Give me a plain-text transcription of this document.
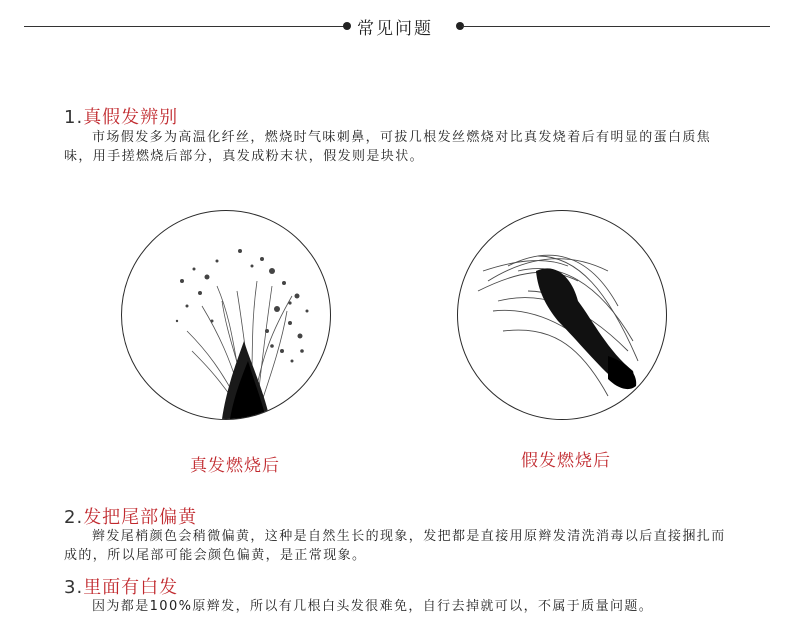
常见问题
1.真假发辨别
市场假发多为高温化纤丝，燃烧时气味刺鼻，可拔几根发丝燃烧对比真发烧着后有明显的蛋白质焦味，用手搓燃烧后部分，真发成粉末状，假发则是块状。
真发燃烧后	假发燃烧后
2.发把尾部偏黄
辫发尾梢颜色会稍微偏黄，这种是自然生长的现象，发把都是直接用原辫发清洗消毒以后直接捆扎而成的，所以尾部可能会颜色偏黄，是正常现象。
3.里面有白发
因为都是100%原辫发，所以有几根白头发很难免，自行去掉就可以，不属于质量问题。
